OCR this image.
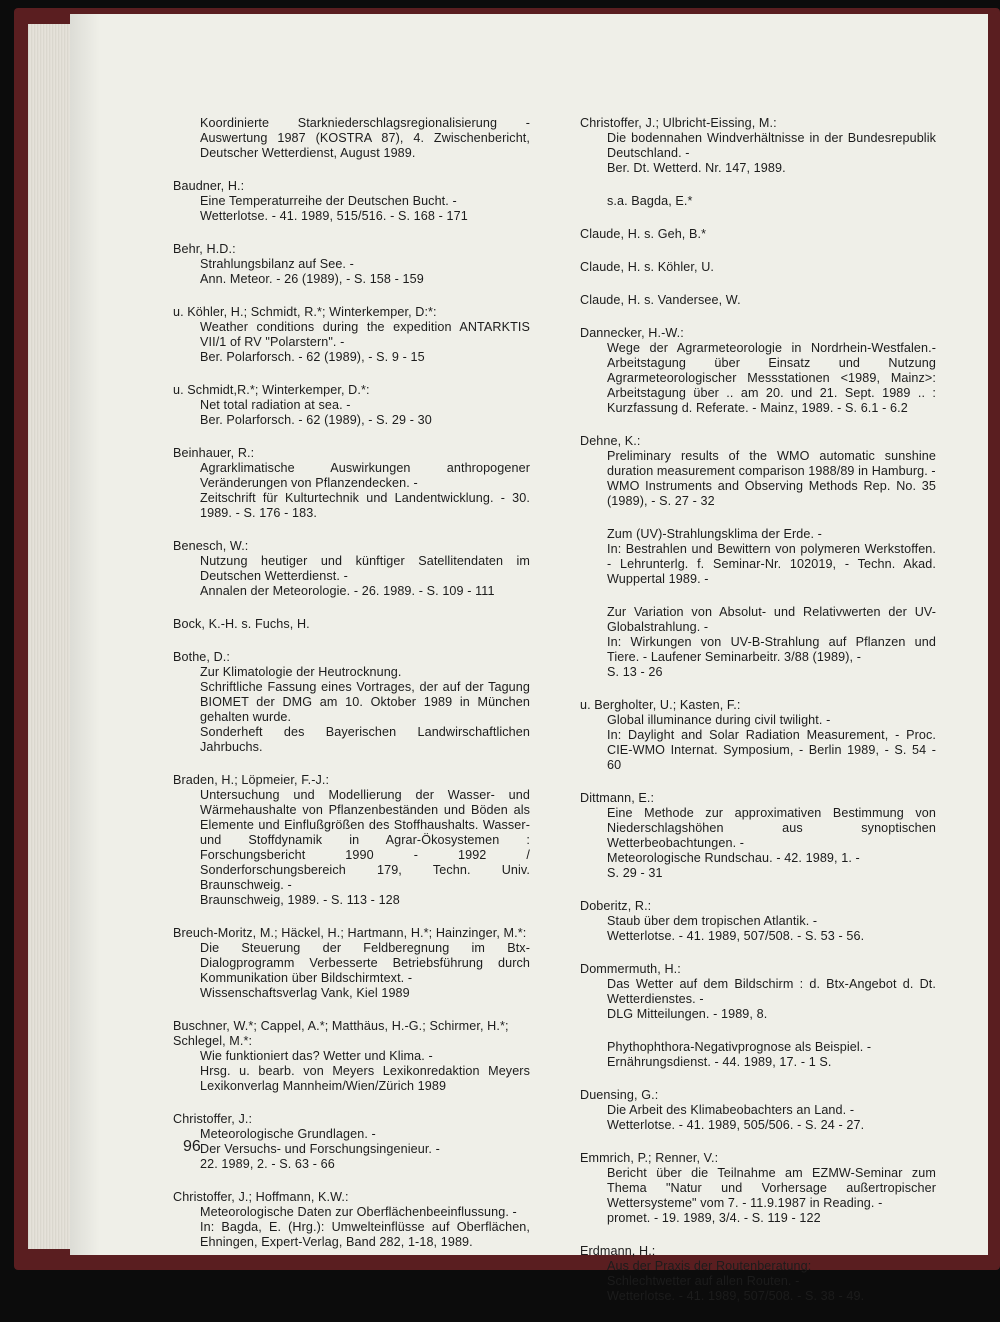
Koordinierte Starkniederschlagsregionalisierung - Auswertung 1987 (KOSTRA 87), 4. Zwischenbericht, Deutscher Wetterdienst, August 1989.
Baudner, H.:
Eine Temperaturreihe der Deutschen Bucht. -
Wetterlotse. - 41. 1989, 515/516. - S. 168 - 171
Behr, H.D.:
Strahlungsbilanz auf See. -
Ann. Meteor. - 26 (1989), - S. 158 - 159
u. Köhler, H.; Schmidt, R.*; Winterkemper, D:*:
Weather conditions during the expedition ANTARKTIS VII/1 of RV "Polarstern". -
Ber. Polarforsch. - 62 (1989), - S. 9 - 15
u. Schmidt,R.*; Winterkemper, D.*:
Net total radiation at sea. -
Ber. Polarforsch. - 62 (1989), - S. 29 - 30
Beinhauer, R.:
Agrarklimatische Auswirkungen anthropogener Veränderungen von Pflanzendecken. -
Zeitschrift für Kulturtechnik und Landentwicklung. - 30. 1989. - S. 176 - 183.
Benesch, W.:
Nutzung heutiger und künftiger Satellitendaten im Deutschen Wetterdienst. -
Annalen der Meteorologie. - 26. 1989. - S. 109 - 111
Bock, K.-H. s. Fuchs, H.
Bothe, D.:
Zur Klimatologie der Heutrocknung.
Schriftliche Fassung eines Vortrages, der auf der Tagung BIOMET der DMG am 10. Oktober 1989 in München gehalten wurde.
Sonderheft des Bayerischen Landwirschaftlichen Jahrbuchs.
Braden, H.; Löpmeier, F.-J.:
Untersuchung und Modellierung der Wasser- und Wärmehaushalte von Pflanzenbeständen und Böden als Elemente und Einflußgrößen des Stoffhaushalts. Wasser- und Stoffdynamik in Agrar-Ökosystemen : Forschungsbericht 1990 - 1992 / Sonderforschungsbereich 179, Techn. Univ. Braunschweig. -
Braunschweig, 1989. - S. 113 - 128
Breuch-Moritz, M.; Häckel, H.; Hartmann, H.*; Hainzinger, M.*:
Die Steuerung der Feldberegnung im Btx-Dialogprogramm Verbesserte Betriebsführung durch Kommunikation über Bildschirmtext. -
Wissenschaftsverlag Vank, Kiel 1989
Buschner, W.*; Cappel, A.*; Matthäus, H.-G.; Schirmer, H.*; Schlegel, M.*:
Wie funktioniert das? Wetter und Klima. -
Hrsg. u. bearb. von Meyers Lexikonredaktion Meyers Lexikonverlag Mannheim/Wien/Zürich 1989
Christoffer, J.:
Meteorologische Grundlagen. -
Der Versuchs- und Forschungsingenieur. -
22. 1989, 2. - S. 63 - 66
Christoffer, J.; Hoffmann, K.W.:
Meteorologische Daten zur Oberflächenbeeinflussung. -
In: Bagda, E. (Hrg.): Umwelteinflüsse auf Oberflächen, Ehningen, Expert-Verlag, Band 282, 1-18, 1989.
Christoffer, J.; Ulbricht-Eissing, M.:
Die bodennahen Windverhältnisse in der Bundesrepublik Deutschland. -
Ber. Dt. Wetterd. Nr. 147, 1989.
s.a. Bagda, E.*
Claude, H. s. Geh, B.*
Claude, H. s. Köhler, U.
Claude, H. s. Vandersee, W.
Dannecker, H.-W.:
Wege der Agrarmeteorologie in Nordrhein-Westfalen.- Arbeitstagung über Einsatz und Nutzung Agrarmeteorologischer Messstationen <1989, Mainz>: Arbeitstagung über .. am 20. und 21. Sept. 1989 .. : Kurzfassung d. Referate. - Mainz, 1989. - S. 6.1 - 6.2
Dehne, K.:
Preliminary results of the WMO automatic sunshine duration measurement comparison 1988/89 in Hamburg. -
WMO Instruments and Observing Methods Rep. No. 35 (1989), - S. 27 - 32
Zum (UV)-Strahlungsklima der Erde. -
In: Bestrahlen und Bewittern von polymeren Werkstoffen. - Lehrunterlg. f. Seminar-Nr. 102019, - Techn. Akad. Wuppertal 1989. -
Zur Variation von Absolut- und Relativwerten der UV-Globalstrahlung. -
In: Wirkungen von UV-B-Strahlung auf Pflanzen und Tiere. - Laufener Seminarbeitr. 3/88 (1989), -
S. 13 - 26
u. Bergholter, U.; Kasten, F.:
Global illuminance during civil twilight. -
In: Daylight and Solar Radiation Measurement, - Proc. CIE-WMO Internat. Symposium, - Berlin 1989, - S. 54 - 60
Dittmann, E.:
Eine Methode zur approximativen Bestimmung von Niederschlagshöhen aus synoptischen Wetterbeobachtungen. -
Meteorologische Rundschau. - 42. 1989, 1. -
S. 29 - 31
Doberitz, R.:
Staub über dem tropischen Atlantik. -
Wetterlotse. - 41. 1989, 507/508. - S. 53 - 56.
Dommermuth, H.:
Das Wetter auf dem Bildschirm : d. Btx-Angebot d. Dt. Wetterdienstes. -
DLG Mitteilungen. - 1989, 8.
Phythophthora-Negativprognose als Beispiel. -
Ernährungsdienst. - 44. 1989, 17. - 1 S.
Duensing, G.:
Die Arbeit des Klimabeobachters an Land. -
Wetterlotse. - 41. 1989, 505/506. - S. 24 - 27.
Emmrich, P.; Renner, V.:
Bericht über die Teilnahme am EZMW-Seminar zum Thema "Natur und Vorhersage außertropischer Wettersysteme" vom 7. - 11.9.1987 in Reading. -
promet. - 19. 1989, 3/4. - S. 119 - 122
Erdmann, H.:
Aus der Praxis der Routenberatung:
Schlechtwetter auf allen Routen. -
Wetterlotse. - 41. 1989, 507/508. - S. 38 - 49.
96
